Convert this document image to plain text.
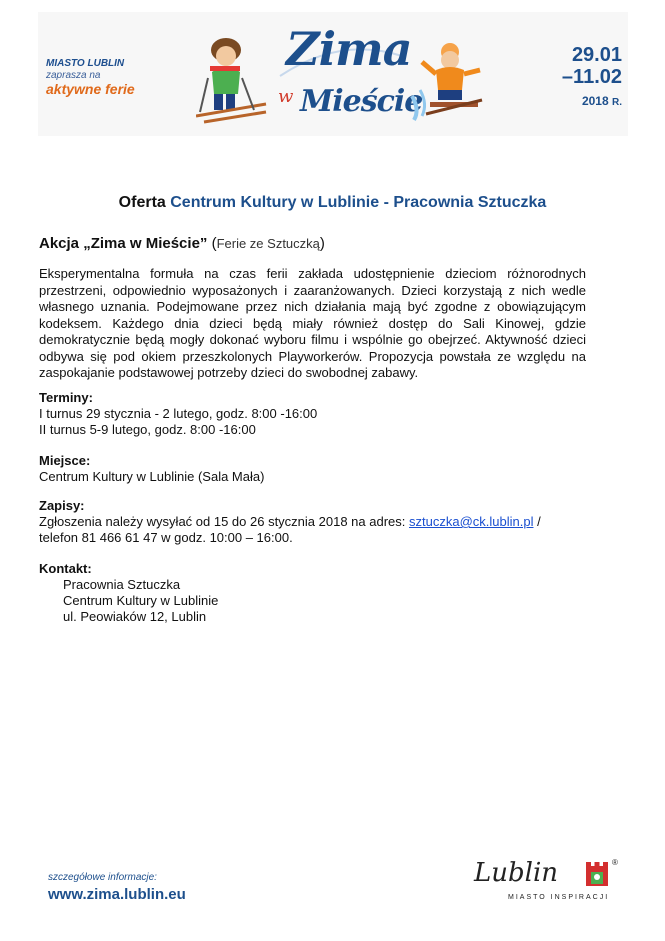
MIASTO LUBLIN
zaprasza na
aktywne ferie
Zima
w Mieście
29.01
–11.02
2018 R.
Oferta Centrum Kultury w Lublinie - Pracownia Sztuczka
Akcja „Zima w Mieście” (Ferie ze Sztuczką)
Eksperymentalna formuła na czas ferii zakłada udostępnienie dzieciom różnorodnych przestrzeni, odpowiednio wyposażonych i zaaranżowanych. Dzieci korzystają z nich wedle własnego uznania. Podejmowane przez nich działania mają być zgodne z obowiązującym kodeksem. Każdego dnia dzieci będą miały również dostęp do Sali Kinowej, gdzie demokratycznie będą mogły dokonać wyboru filmu i wspólnie go obejrzeć. Aktywność dzieci odbywa się pod okiem przeszkolonych Playworkerów. Propozycja powstała ze względu na zaspokajanie podstawowej potrzeby dzieci do swobodnej zabawy.
Terminy:
I turnus 29 stycznia - 2 lutego, godz. 8:00 -16:00
II turnus 5-9 lutego, godz. 8:00 -16:00
Miejsce:
Centrum Kultury w Lublinie (Sala Mała)
Zapisy:
Zgłoszenia należy wysyłać od 15 do 26 stycznia 2018 na adres: sztuczka@ck.lublin.pl /
telefon 81 466 61 47 w godz. 10:00 – 16:00.
Kontakt:
Pracownia Sztuczka
Centrum Kultury w Lublinie
ul. Peowiaków 12, Lublin
szczegółowe informacje:
www.zima.lublin.eu
Lublin
MIASTO INSPIRACJI
®
